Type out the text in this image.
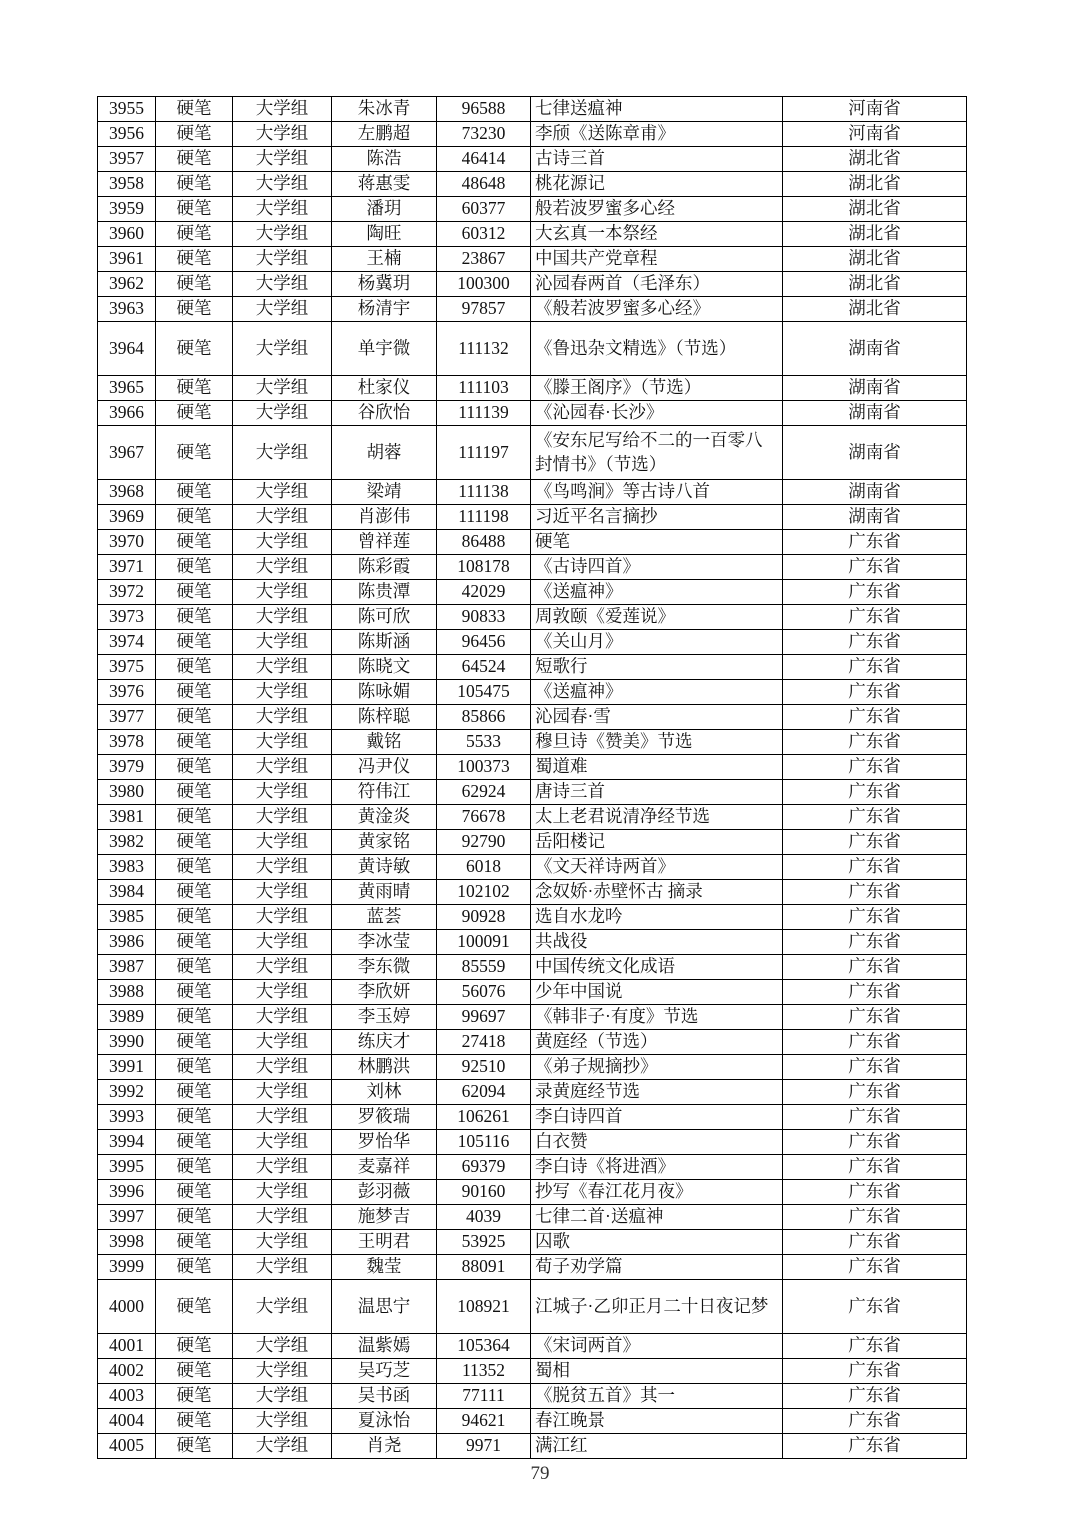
3955	硬笔	大学组	朱冰青	96588	七律送瘟神	河南省
3956	硬笔	大学组	左鹏超	73230	李颀《送陈章甫》	河南省
3957	硬笔	大学组	陈浩	46414	古诗三首	湖北省
3958	硬笔	大学组	蒋惠雯	48648	桃花源记	湖北省
3959	硬笔	大学组	潘玥	60377	般若波罗蜜多心经	湖北省
3960	硬笔	大学组	陶旺	60312	大玄真一本祭经	湖北省
3961	硬笔	大学组	王楠	23867	中国共产党章程	湖北省
3962	硬笔	大学组	杨冀玥	100300	沁园春两首（毛泽东）	湖北省
3963	硬笔	大学组	杨清宇	97857	《般若波罗蜜多心经》	湖北省
3964	硬笔	大学组	单宇微	111132	《鲁迅杂文精选》（节选）	湖南省
3965	硬笔	大学组	杜家仪	111103	《滕王阁序》（节选）	湖南省
3966	硬笔	大学组	谷欣怡	111139	《沁园春·长沙》	湖南省
3967	硬笔	大学组	胡蓉	111197	《安东尼写给不二的一百零八封情书》（节选）	湖南省
3968	硬笔	大学组	梁靖	111138	《鸟鸣涧》等古诗八首	湖南省
3969	硬笔	大学组	肖澎伟	111198	习近平名言摘抄	湖南省
3970	硬笔	大学组	曾祥莲	86488	硬笔	广东省
3971	硬笔	大学组	陈彩霞	108178	《古诗四首》	广东省
3972	硬笔	大学组	陈贵潭	42029	《送瘟神》	广东省
3973	硬笔	大学组	陈可欣	90833	周敦颐《爱莲说》	广东省
3974	硬笔	大学组	陈斯涵	96456	《关山月》	广东省
3975	硬笔	大学组	陈晓文	64524	短歌行	广东省
3976	硬笔	大学组	陈咏媚	105475	《送瘟神》	广东省
3977	硬笔	大学组	陈梓聪	85866	沁园春·雪	广东省
3978	硬笔	大学组	戴铭	5533	穆旦诗《赞美》节选	广东省
3979	硬笔	大学组	冯尹仪	100373	蜀道难	广东省
3980	硬笔	大学组	符伟江	62924	唐诗三首	广东省
3981	硬笔	大学组	黄淦炎	76678	太上老君说清净经节选	广东省
3982	硬笔	大学组	黄家铭	92790	岳阳楼记	广东省
3983	硬笔	大学组	黄诗敏	6018	《文天祥诗两首》	广东省
3984	硬笔	大学组	黄雨晴	102102	念奴娇·赤壁怀古 摘录	广东省
3985	硬笔	大学组	蓝荟	90928	选自水龙吟	广东省
3986	硬笔	大学组	李冰莹	100091	共战役	广东省
3987	硬笔	大学组	李东微	85559	中国传统文化成语	广东省
3988	硬笔	大学组	李欣妍	56076	少年中国说	广东省
3989	硬笔	大学组	李玉婷	99697	《韩非子·有度》节选	广东省
3990	硬笔	大学组	练庆才	27418	黄庭经（节选）	广东省
3991	硬笔	大学组	林鹏洪	92510	《弟子规摘抄》	广东省
3992	硬笔	大学组	刘林	62094	录黄庭经节选	广东省
3993	硬笔	大学组	罗筱瑞	106261	李白诗四首	广东省
3994	硬笔	大学组	罗怡华	105116	白衣赞	广东省
3995	硬笔	大学组	麦嘉祥	69379	李白诗《将进酒》	广东省
3996	硬笔	大学组	彭羽薇	90160	抄写《春江花月夜》	广东省
3997	硬笔	大学组	施梦吉	4039	七律二首·送瘟神	广东省
3998	硬笔	大学组	王明君	53925	囚歌	广东省
3999	硬笔	大学组	魏莹	88091	荀子劝学篇	广东省
4000	硬笔	大学组	温思宁	108921	江城子·乙卯正月二十日夜记梦	广东省
4001	硬笔	大学组	温紫嫣	105364	《宋词两首》	广东省
4002	硬笔	大学组	吴巧芝	11352	蜀相	广东省
4003	硬笔	大学组	吴书函	77111	《脱贫五首》其一	广东省
4004	硬笔	大学组	夏泳怡	94621	春江晚景	广东省
4005	硬笔	大学组	肖尧	9971	满江红	广东省
79
